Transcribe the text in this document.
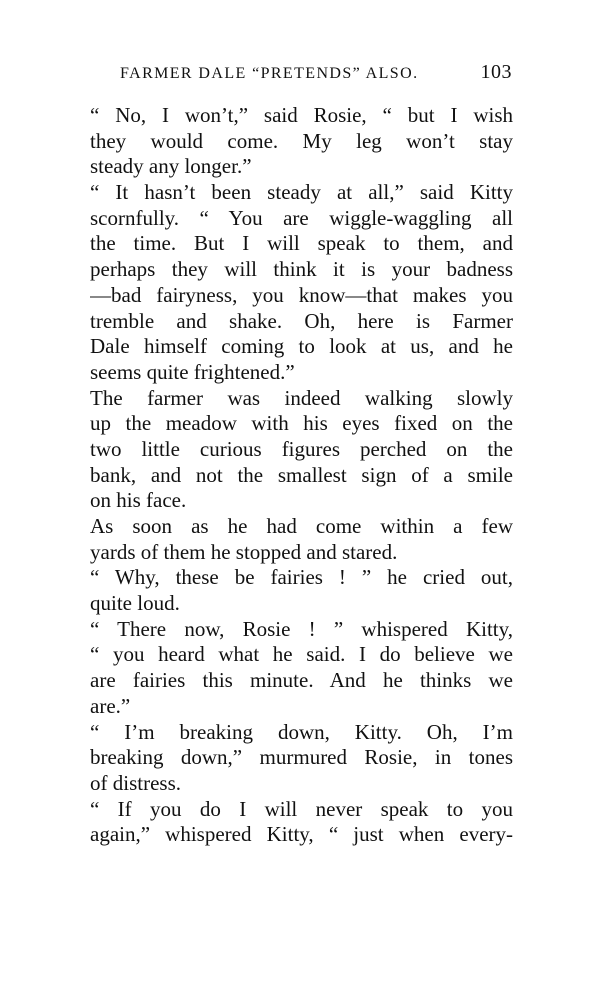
FARMER DALE “PRETENDS” ALSO.	103
“ No, I won’t,” said Rosie, “ but I wish
they would come. My leg won’t stay
steady any longer.”
“ It hasn’t been steady at all,” said Kitty
scornfully. “ You are wiggle-waggling all
the time. But I will speak to them, and
perhaps they will think it is your badness
—bad fairyness, you know—that makes you
tremble and shake. Oh, here is Farmer
Dale himself coming to look at us, and he
seems quite frightened.”
The farmer was indeed walking slowly
up the meadow with his eyes fixed on the
two little curious figures perched on the
bank, and not the smallest sign of a smile
on his face.
As soon as he had come within a few
yards of them he stopped and stared.
“ Why, these be fairies ! ” he cried out,
quite loud.
“ There now, Rosie ! ” whispered Kitty,
“ you heard what he said. I do believe we
are fairies this minute. And he thinks we
are.”
“ I’m breaking down, Kitty. Oh, I’m
breaking down,” murmured Rosie, in tones
of distress.
“ If you do I will never speak to you
again,” whispered Kitty, “ just when every-
